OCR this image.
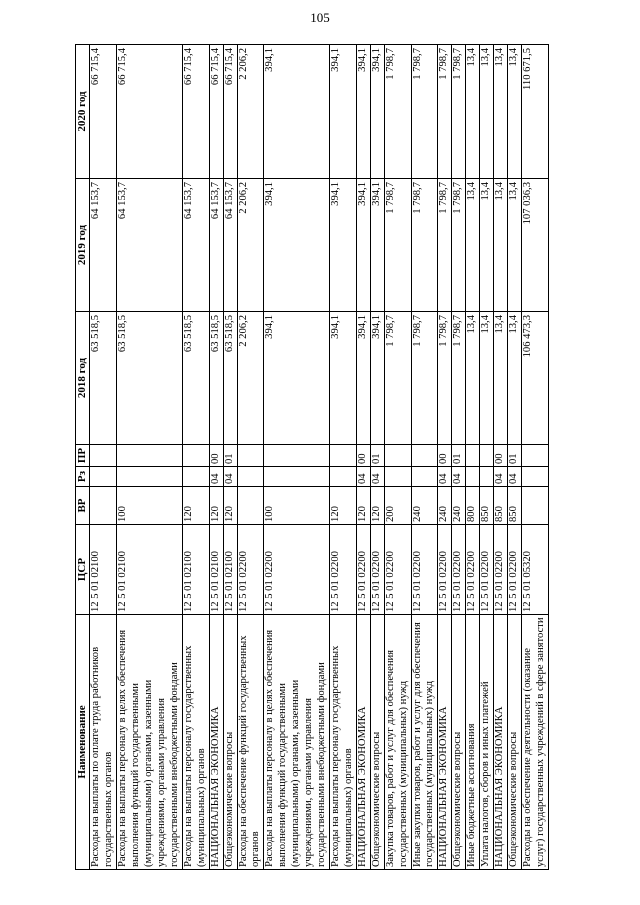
105
Наименование	ЦСР	ВР	Рз	ПР	2018 год	2019 год	2020 год
Расходы на выплаты по оплате труда работников государственных органов	12 5 01 02100				63 518,5	64 153,7	66 715,4
Расходы на выплаты персоналу в целях обеспечения выполнения функций государственными (муниципальными) органами, казенными учреждениями, органами управления государственными внебюджетными фондами	12 5 01 02100	100			63 518,5	64 153,7	66 715,4
Расходы на выплаты персоналу государственных (муниципальных) органов	12 5 01 02100	120			63 518,5	64 153,7	66 715,4
НАЦИОНАЛЬНАЯ ЭКОНОМИКА	12 5 01 02100	120	04	00	63 518,5	64 153,7	66 715,4
Общеэкономические вопросы	12 5 01 02100	120	04	01	63 518,5	64 153,7	66 715,4
Расходы на обеспечение функций государственных органов	12 5 01 02200				2 206,2	2 206,2	2 206,2
Расходы на выплаты персоналу в целях обеспечения выполнения функций государственными (муниципальными) органами, казенными учреждениями, органами управления государственными внебюджетными фондами	12 5 01 02200	100			394,1	394,1	394,1
Расходы на выплаты персоналу государственных (муниципальных) органов	12 5 01 02200	120			394,1	394,1	394,1
НАЦИОНАЛЬНАЯ ЭКОНОМИКА	12 5 01 02200	120	04	00	394,1	394,1	394,1
Общеэкономические вопросы	12 5 01 02200	120	04	01	394,1	394,1	394,1
Закупка товаров, работ и услуг для обеспечения государственных (муниципальных) нужд	12 5 01 02200	200			1 798,7	1 798,7	1 798,7
Иные закупки товаров, работ и услуг для обеспечения государственных (муниципальных) нужд	12 5 01 02200	240			1 798,7	1 798,7	1 798,7
НАЦИОНАЛЬНАЯ ЭКОНОМИКА	12 5 01 02200	240	04	00	1 798,7	1 798,7	1 798,7
Общеэкономические вопросы	12 5 01 02200	240	04	01	1 798,7	1 798,7	1 798,7
Иные бюджетные ассигнования	12 5 01 02200	800			13,4	13,4	13,4
Уплата налогов, сборов и иных платежей	12 5 01 02200	850			13,4	13,4	13,4
НАЦИОНАЛЬНАЯ ЭКОНОМИКА	12 5 01 02200	850	04	00	13,4	13,4	13,4
Общеэкономические вопросы	12 5 01 02200	850	04	01	13,4	13,4	13,4
Расходы на обеспечение деятельности (оказание услуг) государственных учреждений в сфере занятости	12 5 01 05320				106 473,3	107 036,3	110 671,5
